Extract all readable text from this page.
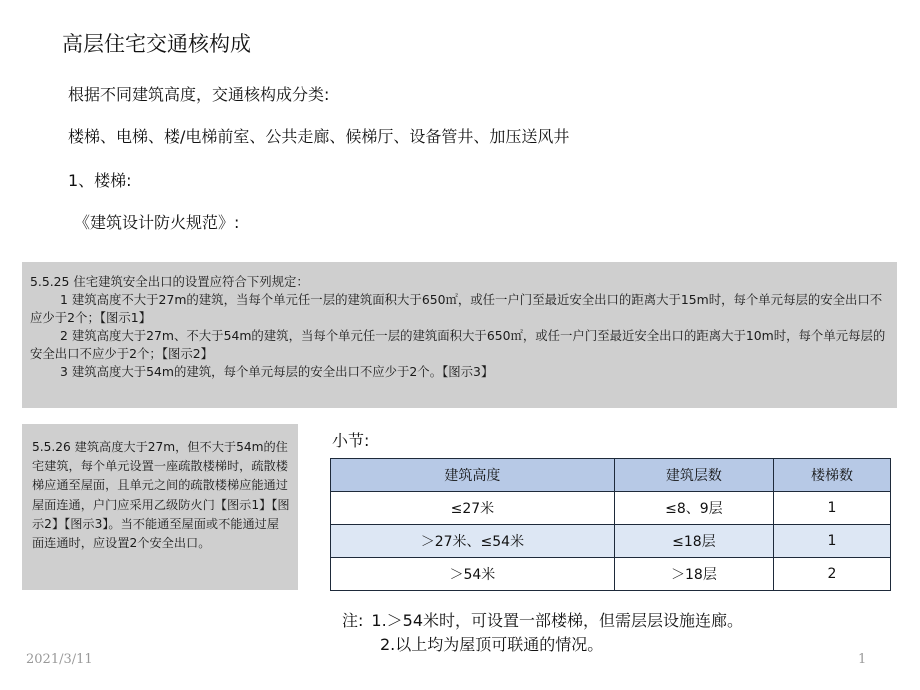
高层住宅交通核构成
根据不同建筑高度，交通核构成分类:
楼梯、电梯、楼/电梯前室、公共走廊、候梯厅、设备管井、加压送风井
1、楼梯:
《建筑设计防火规范》:

5.5.25 住宅建筑安全出口的设置应符合下列规定：

1 建筑高度不大于27m的建筑，当每个单元任一层的建筑面积大于650㎡，或任一户门至最近安全出口的距离大于15m时，每个单元每层的安全出口不应少于2个；【图示1】

2 建筑高度大于27m、不大于54m的建筑，当每个单元任一层的建筑面积大于650㎡，或任一户门至最近安全出口的距离大于10m时，每个单元每层的安全出口不应少于2个；【图示2】

3 建筑高度大于54m的建筑，每个单元每层的安全出口不应少于2个。【图示3】

5.5.26 建筑高度大于27m，但不大于54m的住宅建筑，每个单元设置一座疏散楼梯时，疏散楼梯应通至屋面，且单元之间的疏散楼梯应能通过屋面连通，户门应采用乙级防火门【图示1】【图示2】【图示3】。当不能通至屋面或不能通过屋面连通时，应设置2个安全出口。

小节:
建筑高度	建筑层数	楼梯数
≤27米	≤8、9层	1
＞27米、≤54米	≤18层	1
＞54米	＞18层	2
注: 1.＞54米时，可设置一部楼梯，但需层层设施连廊。
2.以上均为屋顶可联通的情况。
2021/3/11	1
